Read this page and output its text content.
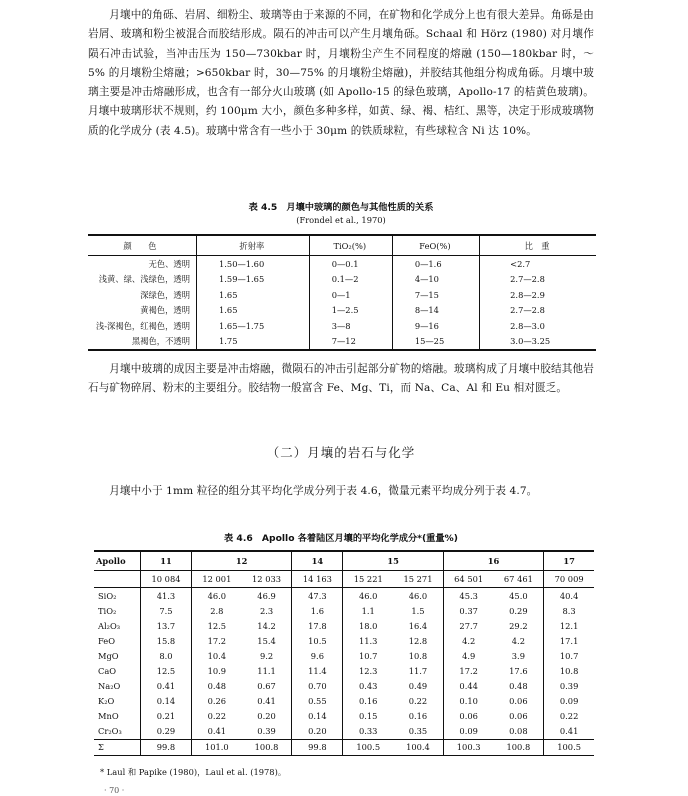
月壤中的角砾、岩屑、细粉尘、玻璃等由于来源的不同，在矿物和化学成分上也有很大差异。角砾是由岩屑、玻璃和粉尘被混合而胶结形成。陨石的冲击可以产生月壤角砾。Schaal 和 Hörz (1980) 对月壤作陨石冲击试验，当冲击压为 150—730kbar 时，月壤粉尘产生不同程度的熔融 (150—180kbar 时，～5% 的月壤粉尘熔融；>650kbar 时，30—75% 的月壤粉尘熔融)，并胶结其他组分构成角砾。月壤中玻璃主要是冲击熔融形成，也含有一部分火山玻璃 (如 Apollo-15 的绿色玻璃，Apollo-17 的桔黄色玻璃)。月壤中玻璃形状不规则，约 100μm 大小，颜色多种多样，如黄、绿、褐、桔红、黑等，决定于形成玻璃物质的化学成分 (表 4.5)。玻璃中常含有一些小于 30μm 的铁质球粒，有些球粒含 Ni 达 10%。
表 4.5　月壤中玻璃的颜色与其他性质的关系
(Frondel et al., 1970)
颜　　色	折射率	TiO₂(%)	FeO(%)	比　重
无色、透明	1.50—1.60	0—0.1	0—1.6	<2.7
浅黄、绿、浅绿色，透明	1.59—1.65	0.1—2	4—10	2.7—2.8
深绿色，透明	1.65	0—1	7—15	2.8—2.9
黄褐色，透明	1.65	1—2.5	8—14	2.7—2.8
浅-深褐色，红褐色，透明	1.65—1.75	3—8	9—16	2.8—3.0
黑褐色，不透明	1.75	7—12	15—25	3.0—3.25
月壤中玻璃的成因主要是冲击熔融，微陨石的冲击引起部分矿物的熔融。玻璃构成了月壤中胶结其他岩石与矿物碎屑、粉末的主要组分。胶结物一般富含 Fe、Mg、Ti，而 Na、Ca、Al 和 Eu 相对匮乏。
（二）月壤的岩石与化学
月壤中小于 1mm 粒径的组分其平均化学成分列于表 4.6，微量元素平均成分列于表 4.7。
表 4.6　Apollo 各着陆区月壤的平均化学成分*(重量%)
Apollo	11	12		14	15		16		17
	10 084	12 001	12 033	14 163	15 221	15 271	64 501	67 461	70 009
SiO₂	41.3	46.0	46.9	47.3	46.0	46.0	45.3	45.0	40.4
TiO₂	7.5	2.8	2.3	1.6	1.1	1.5	0.37	0.29	8.3
Al₂O₃	13.7	12.5	14.2	17.8	18.0	16.4	27.7	29.2	12.1
FeO	15.8	17.2	15.4	10.5	11.3	12.8	4.2	4.2	17.1
MgO	8.0	10.4	9.2	9.6	10.7	10.8	4.9	3.9	10.7
CaO	12.5	10.9	11.1	11.4	12.3	11.7	17.2	17.6	10.8
Na₂O	0.41	0.48	0.67	0.70	0.43	0.49	0.44	0.48	0.39
K₂O	0.14	0.26	0.41	0.55	0.16	0.22	0.10	0.06	0.09
MnO	0.21	0.22	0.20	0.14	0.15	0.16	0.06	0.06	0.22
Cr₂O₃	0.29	0.41	0.39	0.20	0.33	0.35	0.09	0.08	0.41
Σ	99.8	101.0	100.8	99.8	100.5	100.4	100.3	100.8	100.5
* Laul 和 Papike (1980)，Laul et al. (1978)。
· 70 ·
